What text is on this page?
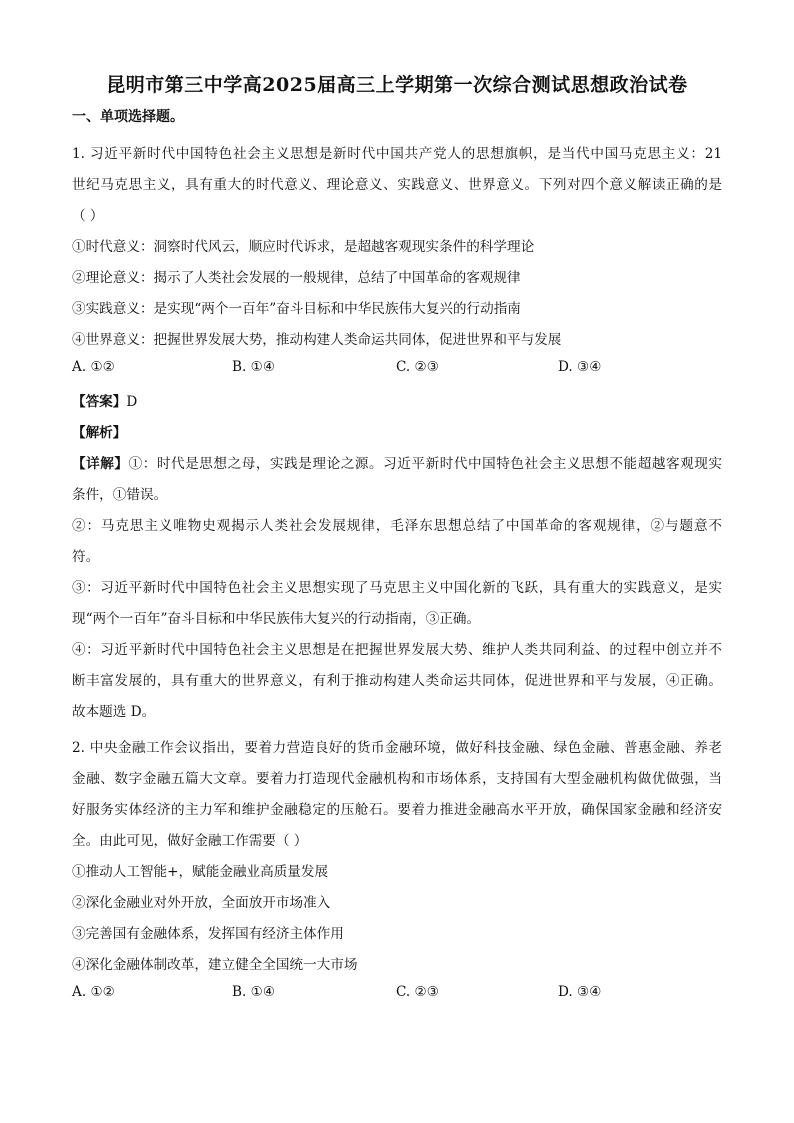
昆明市第三中学高2025届高三上学期第一次综合测试思想政治试卷
一、单项选择题。
1. 习近平新时代中国特色社会主义思想是新时代中国共产党人的思想旗帜，是当代中国马克思主义：21
世纪马克思主义，具有重大的时代意义、理论意义、实践意义、世界意义。下列对四个意义解读正确的是
（ ）
①时代意义：洞察时代风云，顺应时代诉求，是超越客观现实条件的科学理论
②理论意义：揭示了人类社会发展的一般规律，总结了中国革命的客观规律
③实践意义：是实现“两个一百年”奋斗目标和中华民族伟大复兴的行动指南
④世界意义：把握世界发展大势，推动构建人类命运共同体，促进世界和平与发展
A. ①②	B. ①④	C. ②③	D. ③④
【答案】D
【解析】
【详解】①：时代是思想之母，实践是理论之源。习近平新时代中国特色社会主义思想不能超越客观现实
条件，①错误。
②：马克思主义唯物史观揭示人类社会发展规律，毛泽东思想总结了中国革命的客观规律，②与题意不
符。
③：习近平新时代中国特色社会主义思想实现了马克思主义中国化新的飞跃，具有重大的实践意义，是实
现“两个一百年”奋斗目标和中华民族伟大复兴的行动指南，③正确。
④：习近平新时代中国特色社会主义思想是在把握世界发展大势、维护人类共同利益、的过程中创立并不
断丰富发展的，具有重大的世界意义，有利于推动构建人类命运共同体，促进世界和平与发展，④正确。
故本题选 D。
2. 中央金融工作会议指出，要着力营造良好的货币金融环境，做好科技金融、绿色金融、普惠金融、养老
金融、数字金融五篇大文章。要着力打造现代金融机构和市场体系，支持国有大型金融机构做优做强，当
好服务实体经济的主力军和维护金融稳定的压舱石。要着力推进金融高水平开放，确保国家金融和经济安
全。由此可见，做好金融工作需要（ ）
①推动人工智能+，赋能金融业高质量发展
②深化金融业对外开放，全面放开市场准入
③完善国有金融体系，发挥国有经济主体作用
④深化金融体制改革，建立健全全国统一大市场
A. ①②	B. ①④	C. ②③	D. ③④
